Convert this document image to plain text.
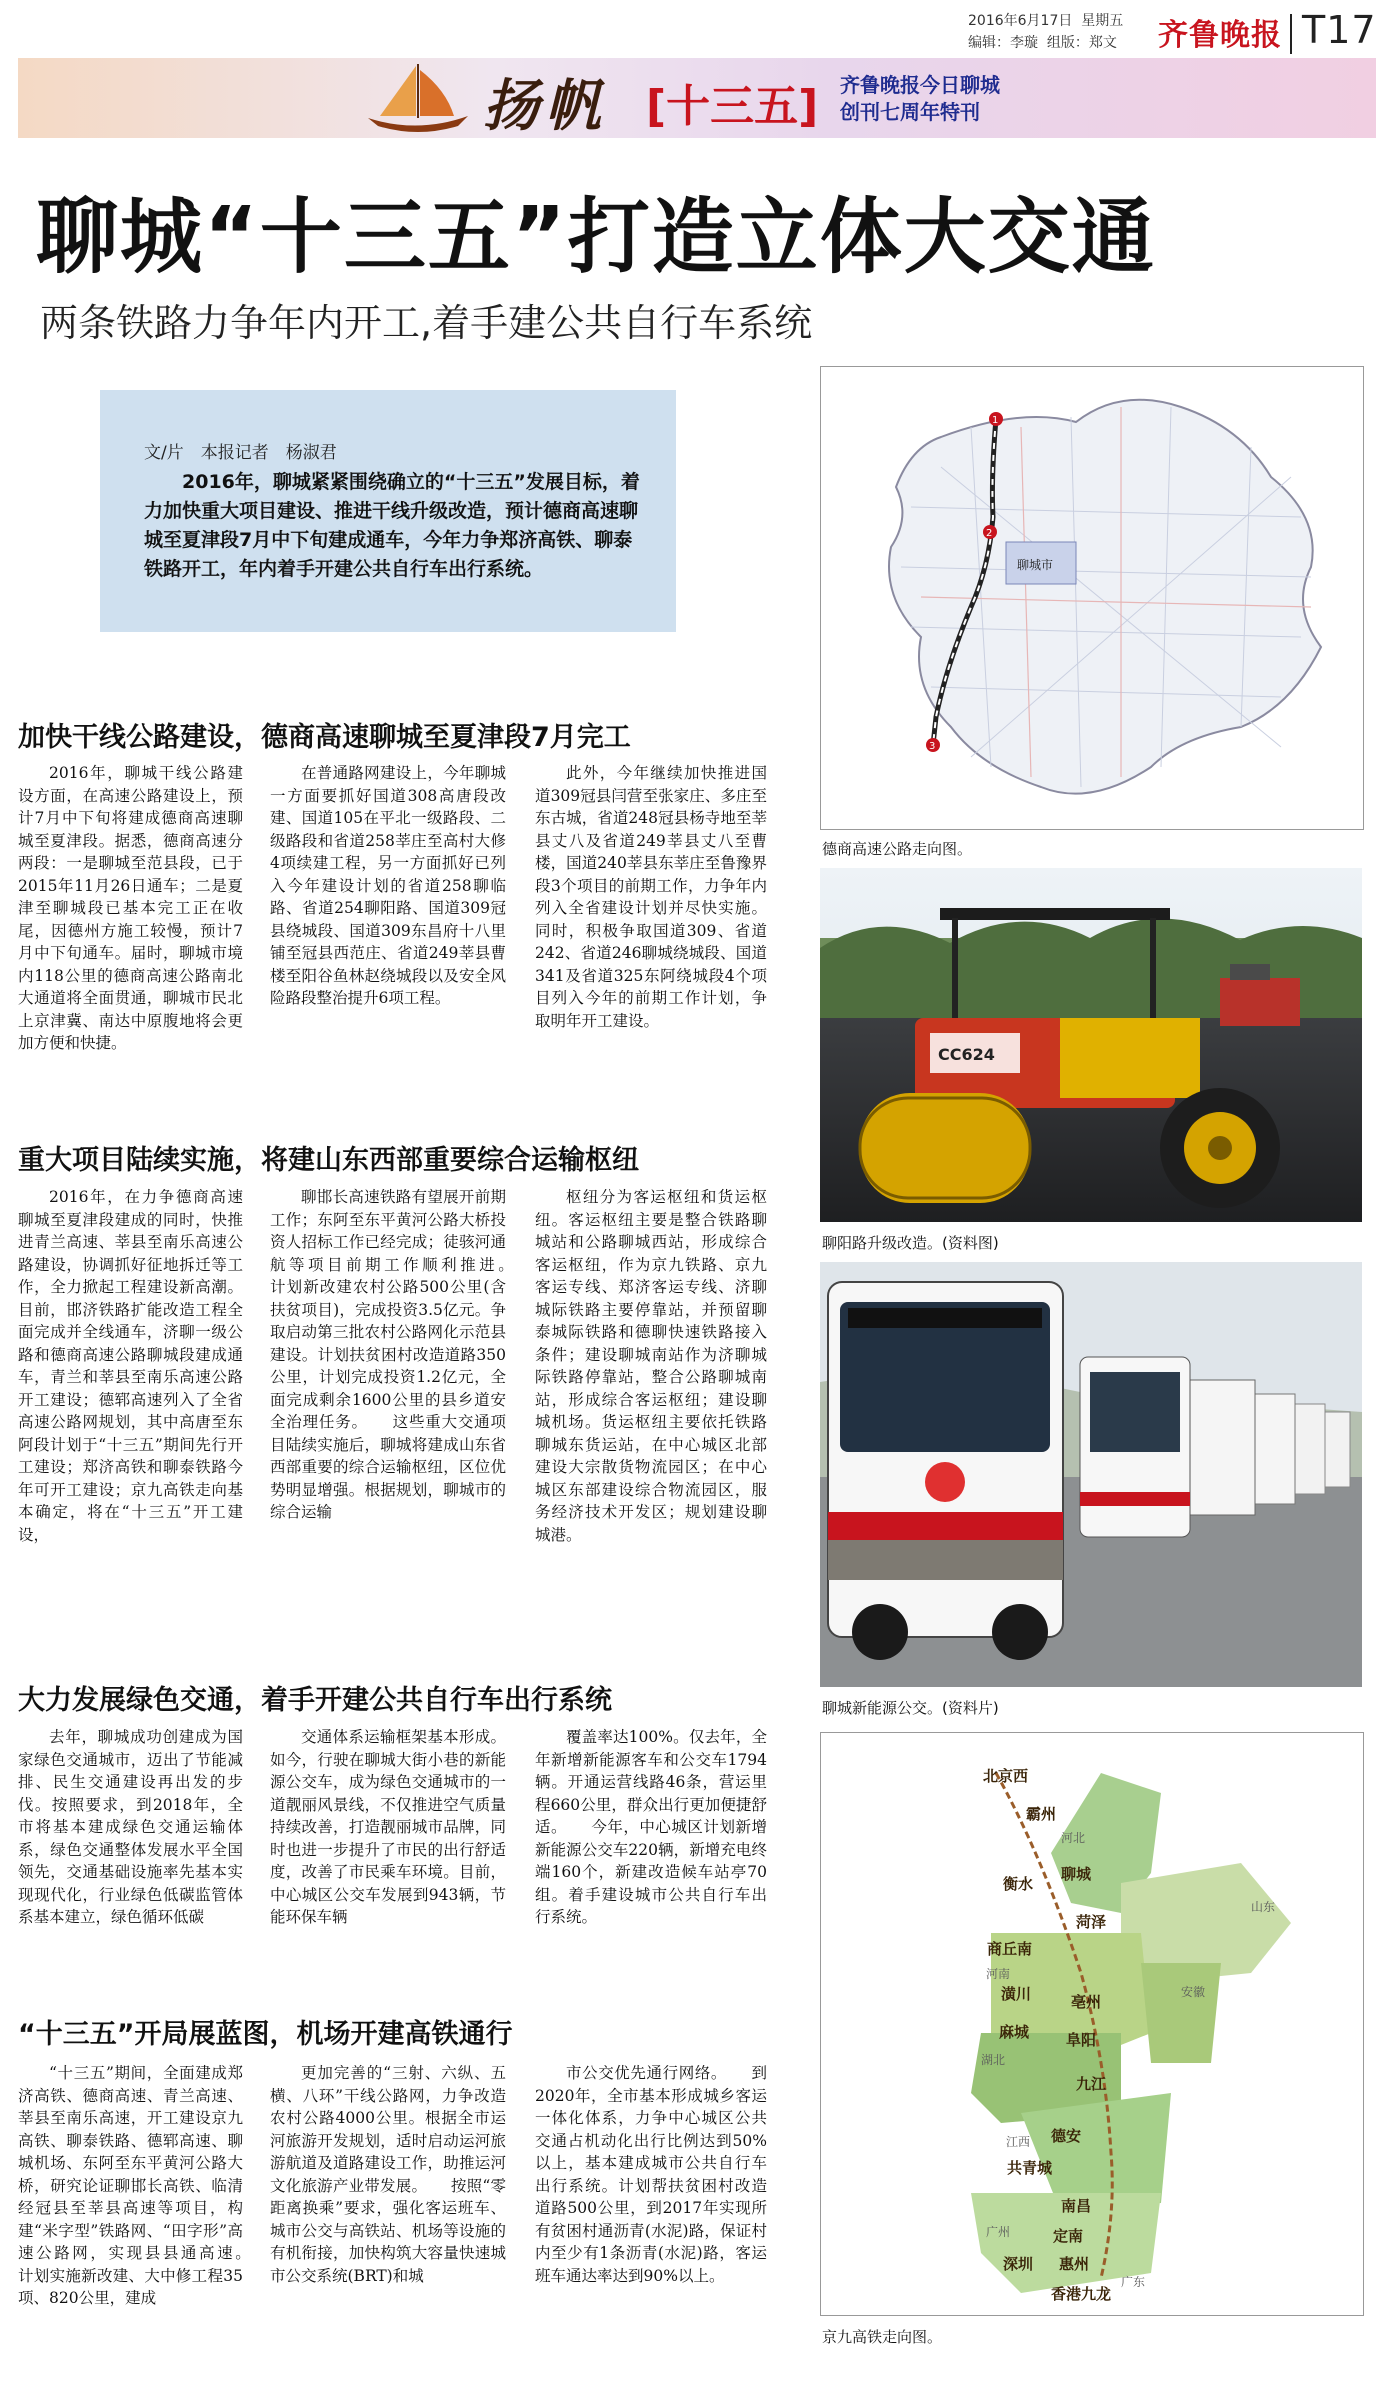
2016年6月17日 星期五
编辑：李璇 组版：郑文 齐鲁晚报 T17
扬帆 [十三五] 齐鲁晚报今日聊城
创刊七周年特刊
聊城“十三五”打造立体大交通
两条铁路力争年内开工,着手建公共自行车系统
文/片　本报记者　杨淑君
2016年，聊城紧紧围绕确立的“十三五”发展目标，着力加快重大项目建设、推进干线升级改造，预计德商高速聊城至夏津段7月中下旬建成通车，今年力争郑济高铁、聊泰铁路开工，年内着手开建公共自行车出行系统。
加快干线公路建设，德商高速聊城至夏津段7月完工
2016年，聊城干线公路建设方面，在高速公路建设上，预计7月中下旬将建成德商高速聊城至夏津段。据悉，德商高速分两段：一是聊城至范县段，已于2015年11月26日通车；二是夏津至聊城段已基本完工正在收尾，因德州方施工较慢，预计7月中下旬通车。届时，聊城市境内118公里的德商高速公路南北大通道将全面贯通，聊城市民北上京津冀、南达中原腹地将会更加方便和快捷。
在普通路网建设上，今年聊城一方面要抓好国道308高唐段改建、国道105在平北一级路段、二级路段和省道258莘庄至高村大修4项续建工程，另一方面抓好已列入今年建设计划的省道258聊临路、省道254聊阳路、国道309冠县绕城段、国道309东昌府十八里铺至冠县西范庄、省道249莘县曹楼至阳谷鱼林赵绕城段以及安全风险路段整治提升6项工程。
此外，今年继续加快推进国道309冠县闫营至张家庄、多庄至东古城，省道248冠县杨寺地至莘县丈八及省道249莘县丈八至曹楼，国道240莘县东莘庄至鲁豫界段3个项目的前期工作，力争年内列入全省建设计划并尽快实施。同时，积极争取国道309、省道242、省道246聊城绕城段、国道341及省道325东阿绕城段4个项目列入今年的前期工作计划，争取明年开工建设。
重大项目陆续实施，将建山东西部重要综合运输枢纽
2016年，在力争德商高速聊城至夏津段建成的同时，快推进青兰高速、莘县至南乐高速公路建设，协调抓好征地拆迁等工作，全力掀起工程建设新高潮。目前，邯济铁路扩能改造工程全面完成并全线通车，济聊一级公路和德商高速公路聊城段建成通车，青兰和莘县至南乐高速公路开工建设；德郓高速列入了全省高速公路网规划，其中高唐至东阿段计划于“十三五”期间先行开工建设；郑济高铁和聊泰铁路今年可开工建设；京九高铁走向基本确定，将在“十三五”开工建设，
聊邯长高速铁路有望展开前期工作；东阿至东平黄河公路大桥投资人招标工作已经完成；徒骇河通航等项目前期工作顺利推进。　　计划新改建农村公路500公里(含扶贫项目)，完成投资3.5亿元。争取启动第三批农村公路网化示范县建设。计划扶贫困村改造道路350公里，计划完成投资1.2亿元，全面完成剩余1600公里的县乡道安全治理任务。　　这些重大交通项目陆续实施后，聊城将建成山东省西部重要的综合运输枢纽，区位优势明显增强。根据规划，聊城市的综合运输
枢纽分为客运枢纽和货运枢纽。客运枢纽主要是整合铁路聊城站和公路聊城西站，形成综合客运枢纽，作为京九铁路、京九客运专线、郑济客运专线、济聊城际铁路主要停靠站，并预留聊泰城际铁路和德聊快速铁路接入条件；建设聊城南站作为济聊城际铁路停靠站，整合公路聊城南站，形成综合客运枢纽；建设聊城机场。货运枢纽主要依托铁路聊城东货运站，在中心城区北部建设大宗散货物流园区；在中心城区东部建设综合物流园区，服务经济技术开发区；规划建设聊城港。
大力发展绿色交通，着手开建公共自行车出行系统
去年，聊城成功创建成为国家绿色交通城市，迈出了节能减排、民生交通建设再出发的步伐。按照要求，到2018年，全市将基本建成绿色交通运输体系，绿色交通整体发展水平全国领先，交通基础设施率先基本实现现代化，行业绿色低碳监管体系基本建立，绿色循环低碳
交通体系运输框架基本形成。如今，行驶在聊城大街小巷的新能源公交车，成为绿色交通城市的一道靓丽风景线，不仅推进空气质量持续改善，打造靓丽城市品牌，同时也进一步提升了市民的出行舒适度，改善了市民乘车环境。目前，中心城区公交车发展到943辆，节能环保车辆
覆盖率达100%。仅去年，全年新增新能源客车和公交车1794辆。开通运营线路46条，营运里程660公里，群众出行更加便捷舒适。　　今年，中心城区计划新增新能源公交车220辆，新增充电终端160个，新建改造候车站亭70组。着手建设城市公共自行车出行系统。
“十三五”开局展蓝图，机场开建高铁通行
“十三五”期间，全面建成郑济高铁、德商高速、青兰高速、莘县至南乐高速，开工建设京九高铁、聊泰铁路、德郓高速、聊城机场、东阿至东平黄河公路大桥，研究论证聊邯长高铁、临清经冠县至莘县高速等项目，构建“米字型”铁路网、“田字形”高速公路网，实现县县通高速。　　计划实施新改建、大中修工程35项、820公里，建成
更加完善的“三射、六纵、五横、八环”干线公路网，力争改造农村公路4000公里。根据全市运河旅游开发规划，适时启动运河旅游航道及道路建设工作，助推运河文化旅游产业带发展。　　按照“零距离换乘”要求，强化客运班车、城市公交与高铁站、机场等设施的有机衔接，加快构筑大容量快速城市公交系统(BRT)和城
市公交优先通行网络。　　到2020年，全市基本形成城乡客运一体化体系，力争中心城区公共交通占机动化出行比例达到50%以上，基本建成城市公共自行车出行系统。计划帮扶贫困村改造道路500公里，到2017年实现所有贫困村通沥青(水泥)路，保证村内至少有1条沥青(水泥)路，客运班车通达率达到90%以上。
聊城市
1
2
3
德商高速公路走向图。
CC624
聊阳路升级改造。(资料图)
聊城新能源公交。(资料片)
北京西
霸州
衡水
聊城
菏泽
商丘南
潢川	亳州
麻城 阜阳
九江
德安
共青城
南昌
定南
惠州
深圳
香港九龙
河北
山东
河南
湖北
江西
广东
安徽
广州
京九高铁走向图。
